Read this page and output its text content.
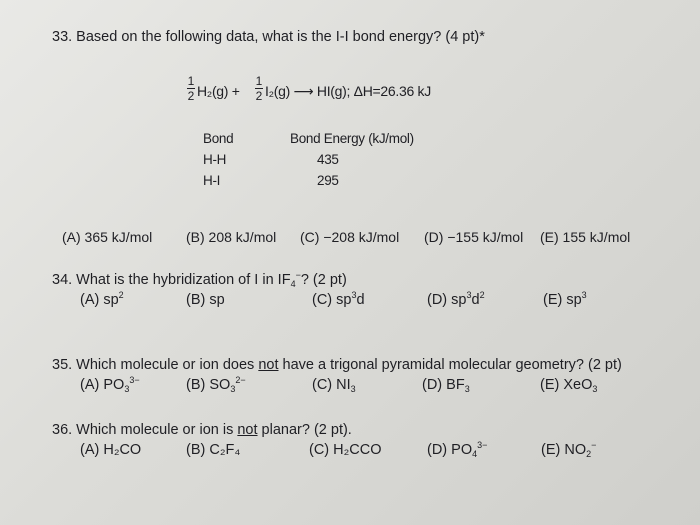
33. Based on the following data, what is the I-I bond energy? (4 pt)*
1
2 H₂(g) +
1
2 I₂(g) ⟶ HI(g); ΔH=26.36 kJ
Bond	Bond Energy (kJ/mol)
H-H	435
H-I	295
(A) 365 kJ/mol (B) 208 kJ/mol (C) −208 kJ/mol (D) −155 kJ/mol (E) 155 kJ/mol
34. What is the hybridization of I in $IF_4^-$? (2 pt)
(A) $sp^2$	(B) sp	(C) $sp^3d$	(D) $sp^3d^2$	(E) $sp^3$
35. Which molecule or ion does not have a trigonal pyramidal molecular geometry? (2 pt)
(A) $PO_3^{3-}$	(B) $SO_3^{2-}$	(C) $NI_3$	(D) $BF_3$	(E) XeO$_3$
36. Which molecule or ion is not planar? (2 pt).
(A) H₂CO	(B) C₂F₄	(C) H₂CCO	(D) $PO_4^{3-}$	(E) $NO_2^-$
